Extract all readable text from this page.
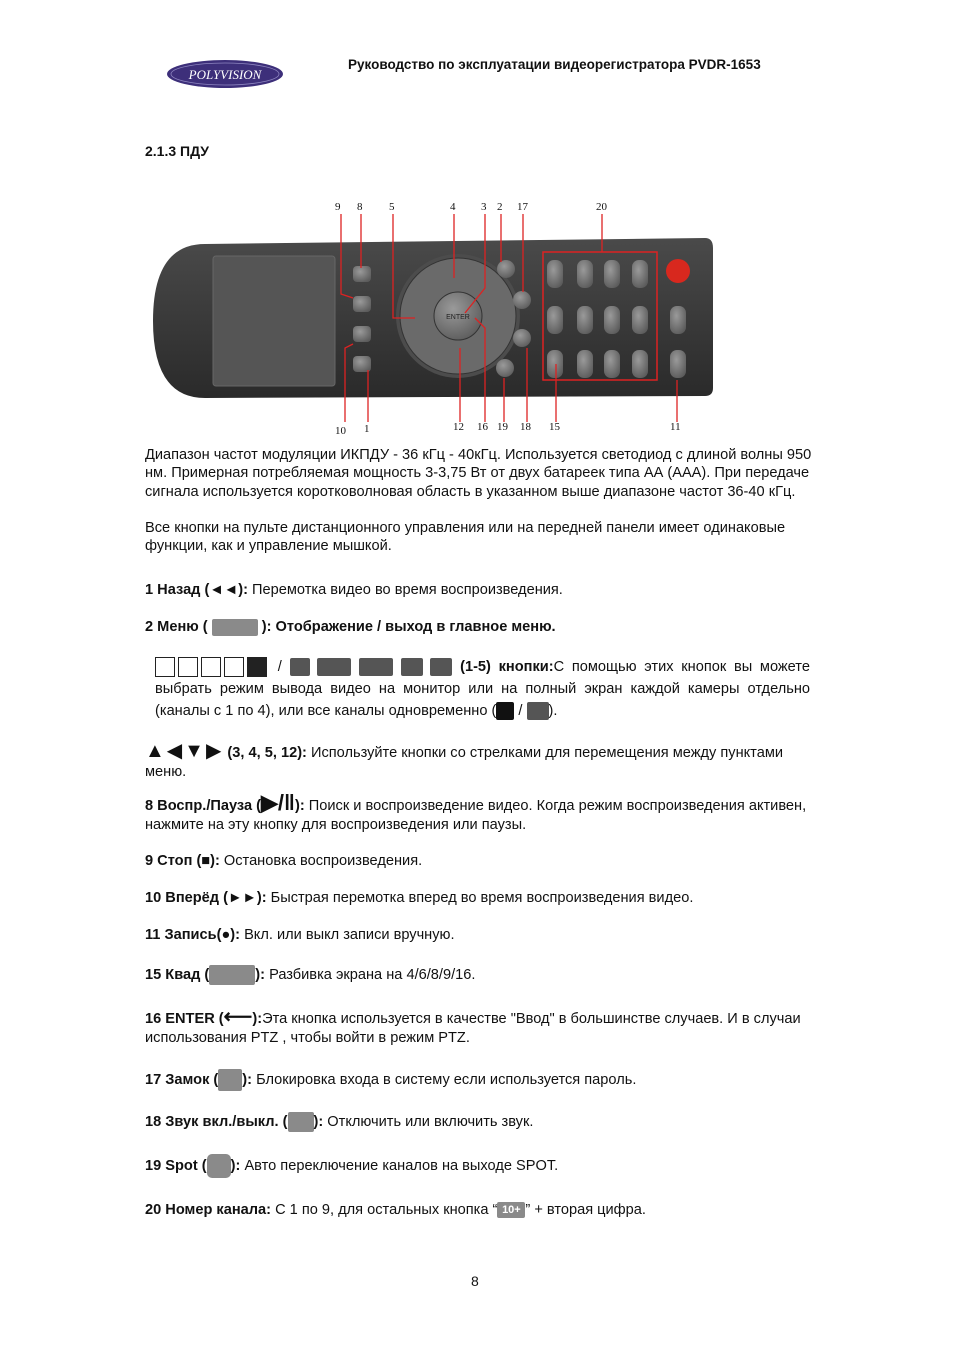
POLYVISION
Руководство по эксплуатации видеорегистратора PVDR-1653
2.1.3 ПДУ
ENTER
9 8 5	4 3 2 17	20
10 1	12 16 19 18 15	11
Диапазон частот модуляции ИКПДУ - 36 кГц - 40кГц. Используется светодиод с длиной волны 950 нм. Примерная потребляемая мощность 3-3,75 Вт от двух батареек типа АА (ААА). При передаче сигнала используется коротковолновая область в указанном выше диапазоне частот 36-40 кГц.
Все кнопки на пульте дистанционного управления или на передней панели имеет одинаковые функции, как и управление мышкой.
1 Назад (◄◄): Перемотка видео во время воспроизведения.
2 Меню (	): Отображение / выход в главное меню.
/	(1-5) кнопки:С помощью этих кнопок вы можете выбрать режим вывода видео на монитор или на полный экран каждой камеры отдельно (каналы с 1 по 4), или все каналы одновременно ( / ).
▲◀▼▶ (3, 4, 5, 12): Используйте кнопки со стрелками для перемещения между пунктами меню.
8 Воспр./Пауза (▶/‖): Поиск и воспроизведение видео. Когда режим воспроизведения активен, нажмите на эту кнопку для воспроизведения или паузы.
9 Стоп (■): Остановка воспроизведения.
10 Вперёд (►►): Быстрая перемотка вперед во время воспроизведения видео.
11 Запись(●): Вкл. или выкл записи вручную.
15 Квад (	): Разбивка экрана на 4/6/8/9/16.
16 ENTER (⟵):Эта кнопка используется в качестве "Ввод" в большинстве случаев. И в случаи использования PTZ , чтобы войти в режим PTZ.
17 Замок ( ): Блокировка входа в систему если используется пароль.
18 Звук вкл./выкл. ( ): Отключить или включить звук.
19 Spot ( ): Авто переключение каналов на выходе SPOT.
20 Номер канала: С 1 по 9, для остальных кнопка “ 10+ ” + вторая цифра.
8
